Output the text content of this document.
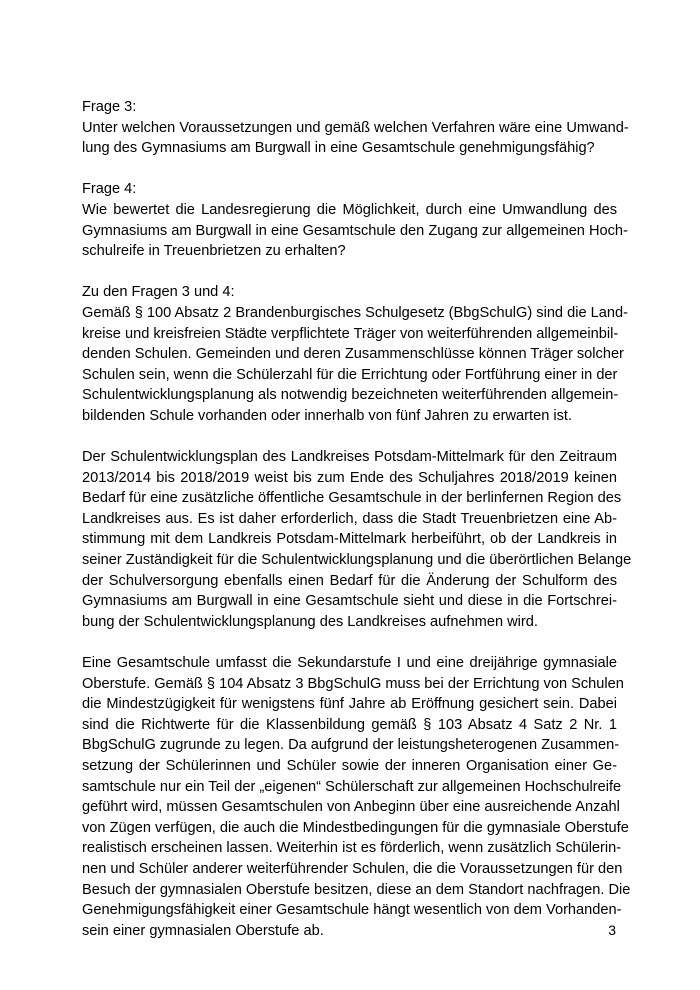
Frage 3:
Unter welchen Voraussetzungen und gemäß welchen Verfahren wäre eine Umwand-
lung des Gymnasiums am Burgwall in eine Gesamtschule genehmigungsfähig?
Frage 4:
Wie bewertet die Landesregierung die Möglichkeit, durch eine Umwandlung des
Gymnasiums am Burgwall in eine Gesamtschule den Zugang zur allgemeinen Hoch-
schulreife in Treuenbrietzen zu erhalten?
Zu den Fragen 3 und 4:
Gemäß § 100 Absatz 2 Brandenburgisches Schulgesetz (BbgSchulG) sind die Land-
kreise und kreisfreien Städte verpflichtete Träger von weiterführenden allgemeinbil-
denden Schulen. Gemeinden und deren Zusammenschlüsse können Träger solcher
Schulen sein, wenn die Schülerzahl für die Errichtung oder Fortführung einer in der
Schulentwicklungsplanung als notwendig bezeichneten weiterführenden allgemein-
bildenden Schule vorhanden oder innerhalb von fünf Jahren zu erwarten ist.
Der Schulentwicklungsplan des Landkreises Potsdam-Mittelmark für den Zeitraum
2013/2014 bis 2018/2019 weist bis zum Ende des Schuljahres 2018/2019 keinen
Bedarf für eine zusätzliche öffentliche Gesamtschule in der berlinfernen Region des
Landkreises aus. Es ist daher erforderlich, dass die Stadt Treuenbrietzen eine Ab-
stimmung mit dem Landkreis Potsdam-Mittelmark herbeiführt, ob der Landkreis in
seiner Zuständigkeit für die Schulentwicklungsplanung und die überörtlichen Belange
der Schulversorgung ebenfalls einen Bedarf für die Änderung der Schulform des
Gymnasiums am Burgwall in eine Gesamtschule sieht und diese in die Fortschrei-
bung der Schulentwicklungsplanung des Landkreises aufnehmen wird.
Eine Gesamtschule umfasst die Sekundarstufe I und eine dreijährige gymnasiale
Oberstufe. Gemäß § 104 Absatz 3 BbgSchulG muss bei der Errichtung von Schulen
die Mindestzügigkeit für wenigstens fünf Jahre ab Eröffnung gesichert sein. Dabei
sind die Richtwerte für die Klassenbildung gemäß § 103 Absatz 4 Satz 2 Nr. 1
BbgSchulG zugrunde zu legen. Da aufgrund der leistungsheterogenen Zusammen-
setzung der Schülerinnen und Schüler sowie der inneren Organisation einer Ge-
samtschule nur ein Teil der „eigenen“ Schülerschaft zur allgemeinen Hochschulreife
geführt wird, müssen Gesamtschulen von Anbeginn über eine ausreichende Anzahl
von Zügen verfügen, die auch die Mindestbedingungen für die gymnasiale Oberstufe
realistisch erscheinen lassen. Weiterhin ist es förderlich, wenn zusätzlich Schülerin-
nen und Schüler anderer weiterführender Schulen, die die Voraussetzungen für den
Besuch der gymnasialen Oberstufe besitzen, diese an dem Standort nachfragen. Die
Genehmigungsfähigkeit einer Gesamtschule hängt wesentlich von dem Vorhanden-
sein einer gymnasialen Oberstufe ab.	3
